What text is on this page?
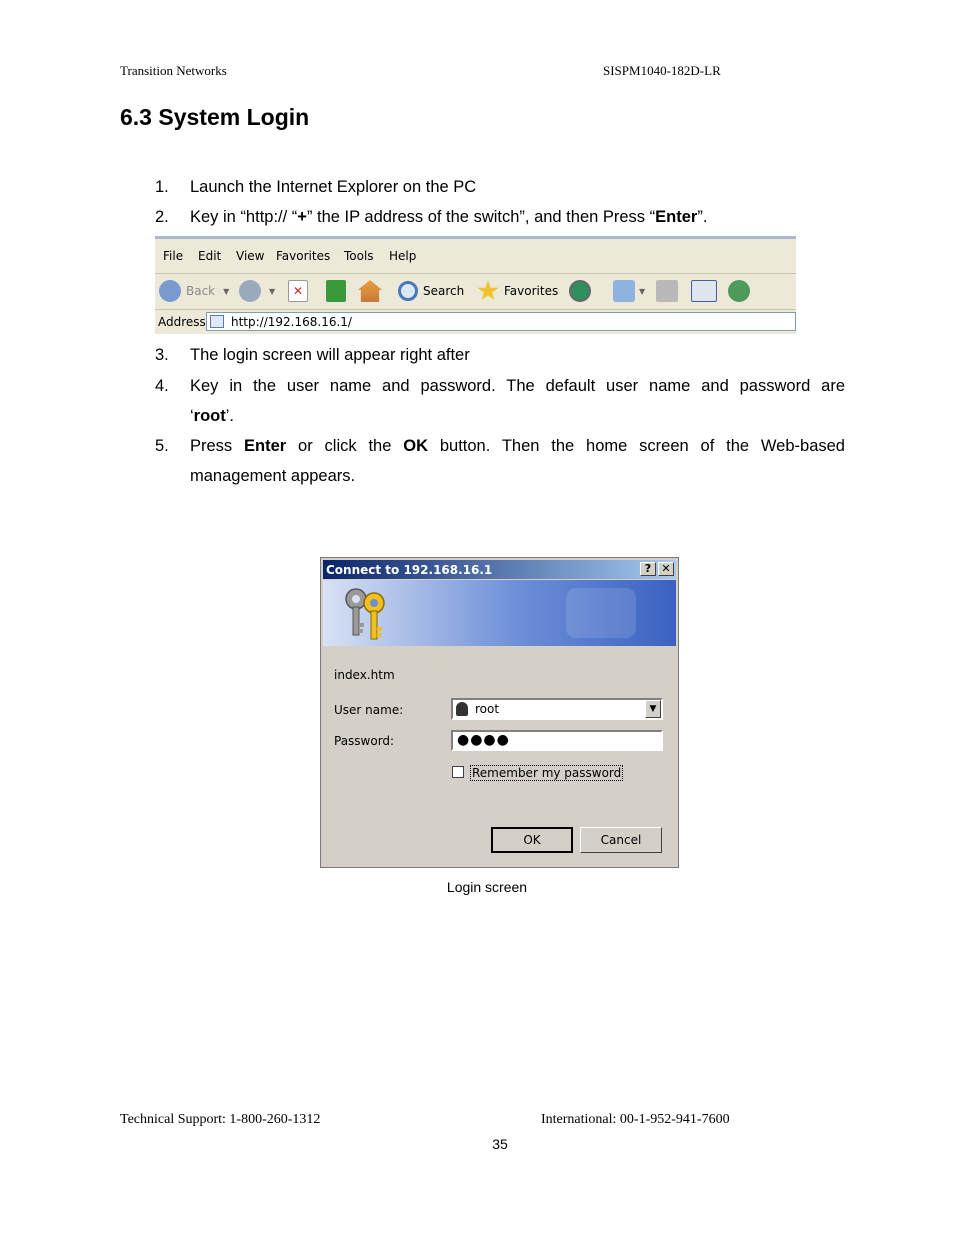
Transition Networks	SISPM1040-182D-LR
6.3 System Login
1. Launch the Internet Explorer on the PC
2. Key in “http:// “+” the IP address of the switch”, and then Press “Enter”.
File Edit View Favorites Tools Help
Back ▼	▼	✕	Search	Favorites	▼
Address http://192.168.16.1/
3. The login screen will appear right after
4. Key in the user name and password. The default user name and password are
‘root’.
5. Press Enter or click the OK button. Then the home screen of the Web-based management appears.
Connect to 192.168.16.1	? ✕
index.htm
User name:	root	▼
Password:	●●●●
Remember my password
OK	Cancel
Login screen
Technical Support: 1-800-260-1312	International: 00-1-952-941-7600
35
